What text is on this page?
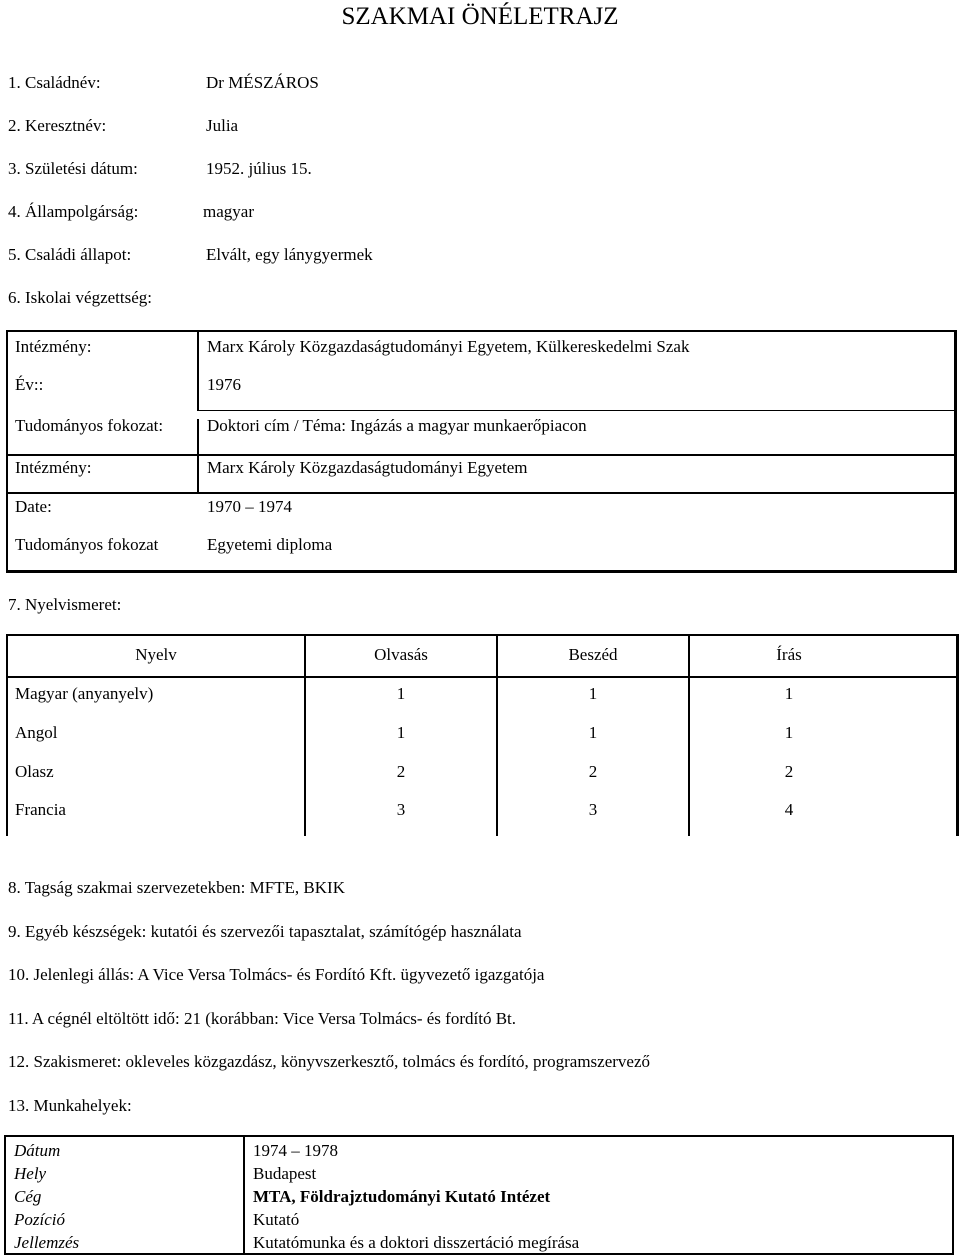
SZAKMAI ÖNÉLETRAJZ
1. Családnév:	Dr MÉSZÁROS
2. Keresztnév:	Julia
3. Születési dátum:	1952. július 15.
4. Állampolgárság:	magyar
5. Családi állapot:	Elvált, egy lánygyermek
6. Iskolai végzettség:
Intézmény:	Marx Károly Közgazdaságtudományi Egyetem, Külkereskedelmi Szak
Év::	1976
Tudományos fokozat:	Doktori cím / Téma: Ingázás a magyar munkaerőpiacon
Intézmény:	Marx Károly Közgazdaságtudományi Egyetem
Date:	1970 – 1974
Tudományos fokozat	Egyetemi diploma
7. Nyelvismeret:
Nyelv	Olvasás	Beszéd	Írás
Magyar (anyanyelv)	1	1	1
Angol	1	1	1
Olasz	2	2	2
Francia	3	3	4
8. Tagság szakmai szervezetekben: MFTE, BKIK
9. Egyéb készségek: kutatói és szervezői tapasztalat, számítógép használata
10. Jelenlegi állás: A Vice Versa Tolmács- és Fordító Kft. ügyvezető igazgatója
11. A cégnél eltöltött idő: 21 (korábban: Vice Versa Tolmács- és fordító Bt.
12. Szakismeret: okleveles közgazdász, könyvszerkesztő, tolmács és fordító, programszervező
13. Munkahelyek:
Dátum	1974 – 1978
Hely	Budapest
Cég	MTA, Földrajztudományi Kutató Intézet
Pozíció	Kutató
Jellemzés	Kutatómunka és a doktori disszertáció megírása
